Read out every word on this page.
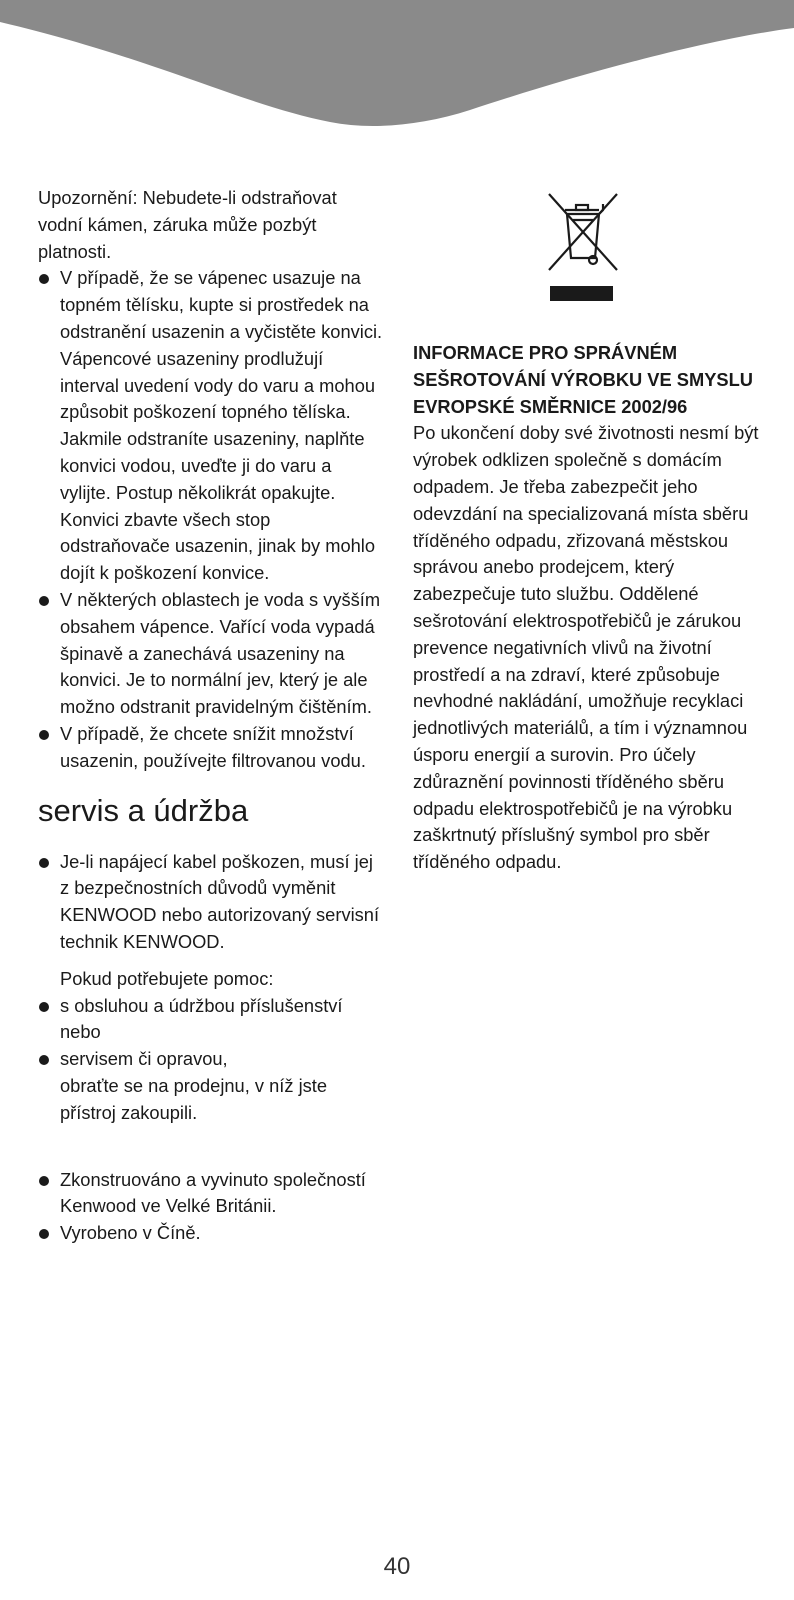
Upozornění: Nebudete-li odstraňovat vodní kámen, záruka může pozbýt platnosti.

V případě, že se vápenec usazuje na topném tělísku, kupte si prostředek na odstranění usazenin a vyčistěte konvici. Vápencové usazeniny prodlužují interval uvedení vody do varu a mohou způsobit poškození topného tělíska. Jakmile odstraníte usazeniny, naplňte konvici vodou, uveďte ji do varu a vylijte. Postup několikrát opakujte. Konvici zbavte všech stop odstraňovače usazenin, jinak by mohlo dojít k poškození konvice.
V některých oblastech je voda s vyšším obsahem vápence. Vařící voda vypadá špinavě a zanechává usazeniny na konvici. Je to normální jev, který je ale možno odstranit pravidelným čištěním.
V případě, že chcete snížit množství usazenin, používejte filtrovanou vodu.
servis a údržba
Je-li napájecí kabel poškozen, musí jej z bezpečnostních důvodů vyměnit KENWOOD nebo autorizovaný servisní technik KENWOOD.

Pokud potřebujete pomoc:

s obsluhou a údržbou příslušenství nebo
servisem či opravou,

obraťte se na prodejnu, v níž jste přístroj zakoupili.

Zkonstruováno a vyvinuto společností Kenwood ve Velké Británii.
Vyrobeno v Číně.

INFORMACE PRO SPRÁVNÉM SEŠROTOVÁNÍ VÝROBKU VE SMYSLU EVROPSKÉ SMĚRNICE 2002/96

Po ukončení doby své životnosti nesmí být výrobek odklizen společně s domácím odpadem. Je třeba zabezpečit jeho odevzdání na specializovaná místa sběru tříděného odpadu, zřizovaná městskou správou anebo prodejcem, který zabezpečuje tuto službu. Oddělené sešrotování elektrospotřebičů je zárukou prevence negativních vlivů na životní prostředí a na zdraví, které způsobuje nevhodné nakládání, umožňuje recyklaci jednotlivých materiálů, a tím i významnou úsporu energií a surovin. Pro účely zdůraznění povinnosti tříděného sběru odpadu elektrospotřebičů je na výrobku zaškrtnutý příslušný symbol pro sběr tříděného odpadu.

40
